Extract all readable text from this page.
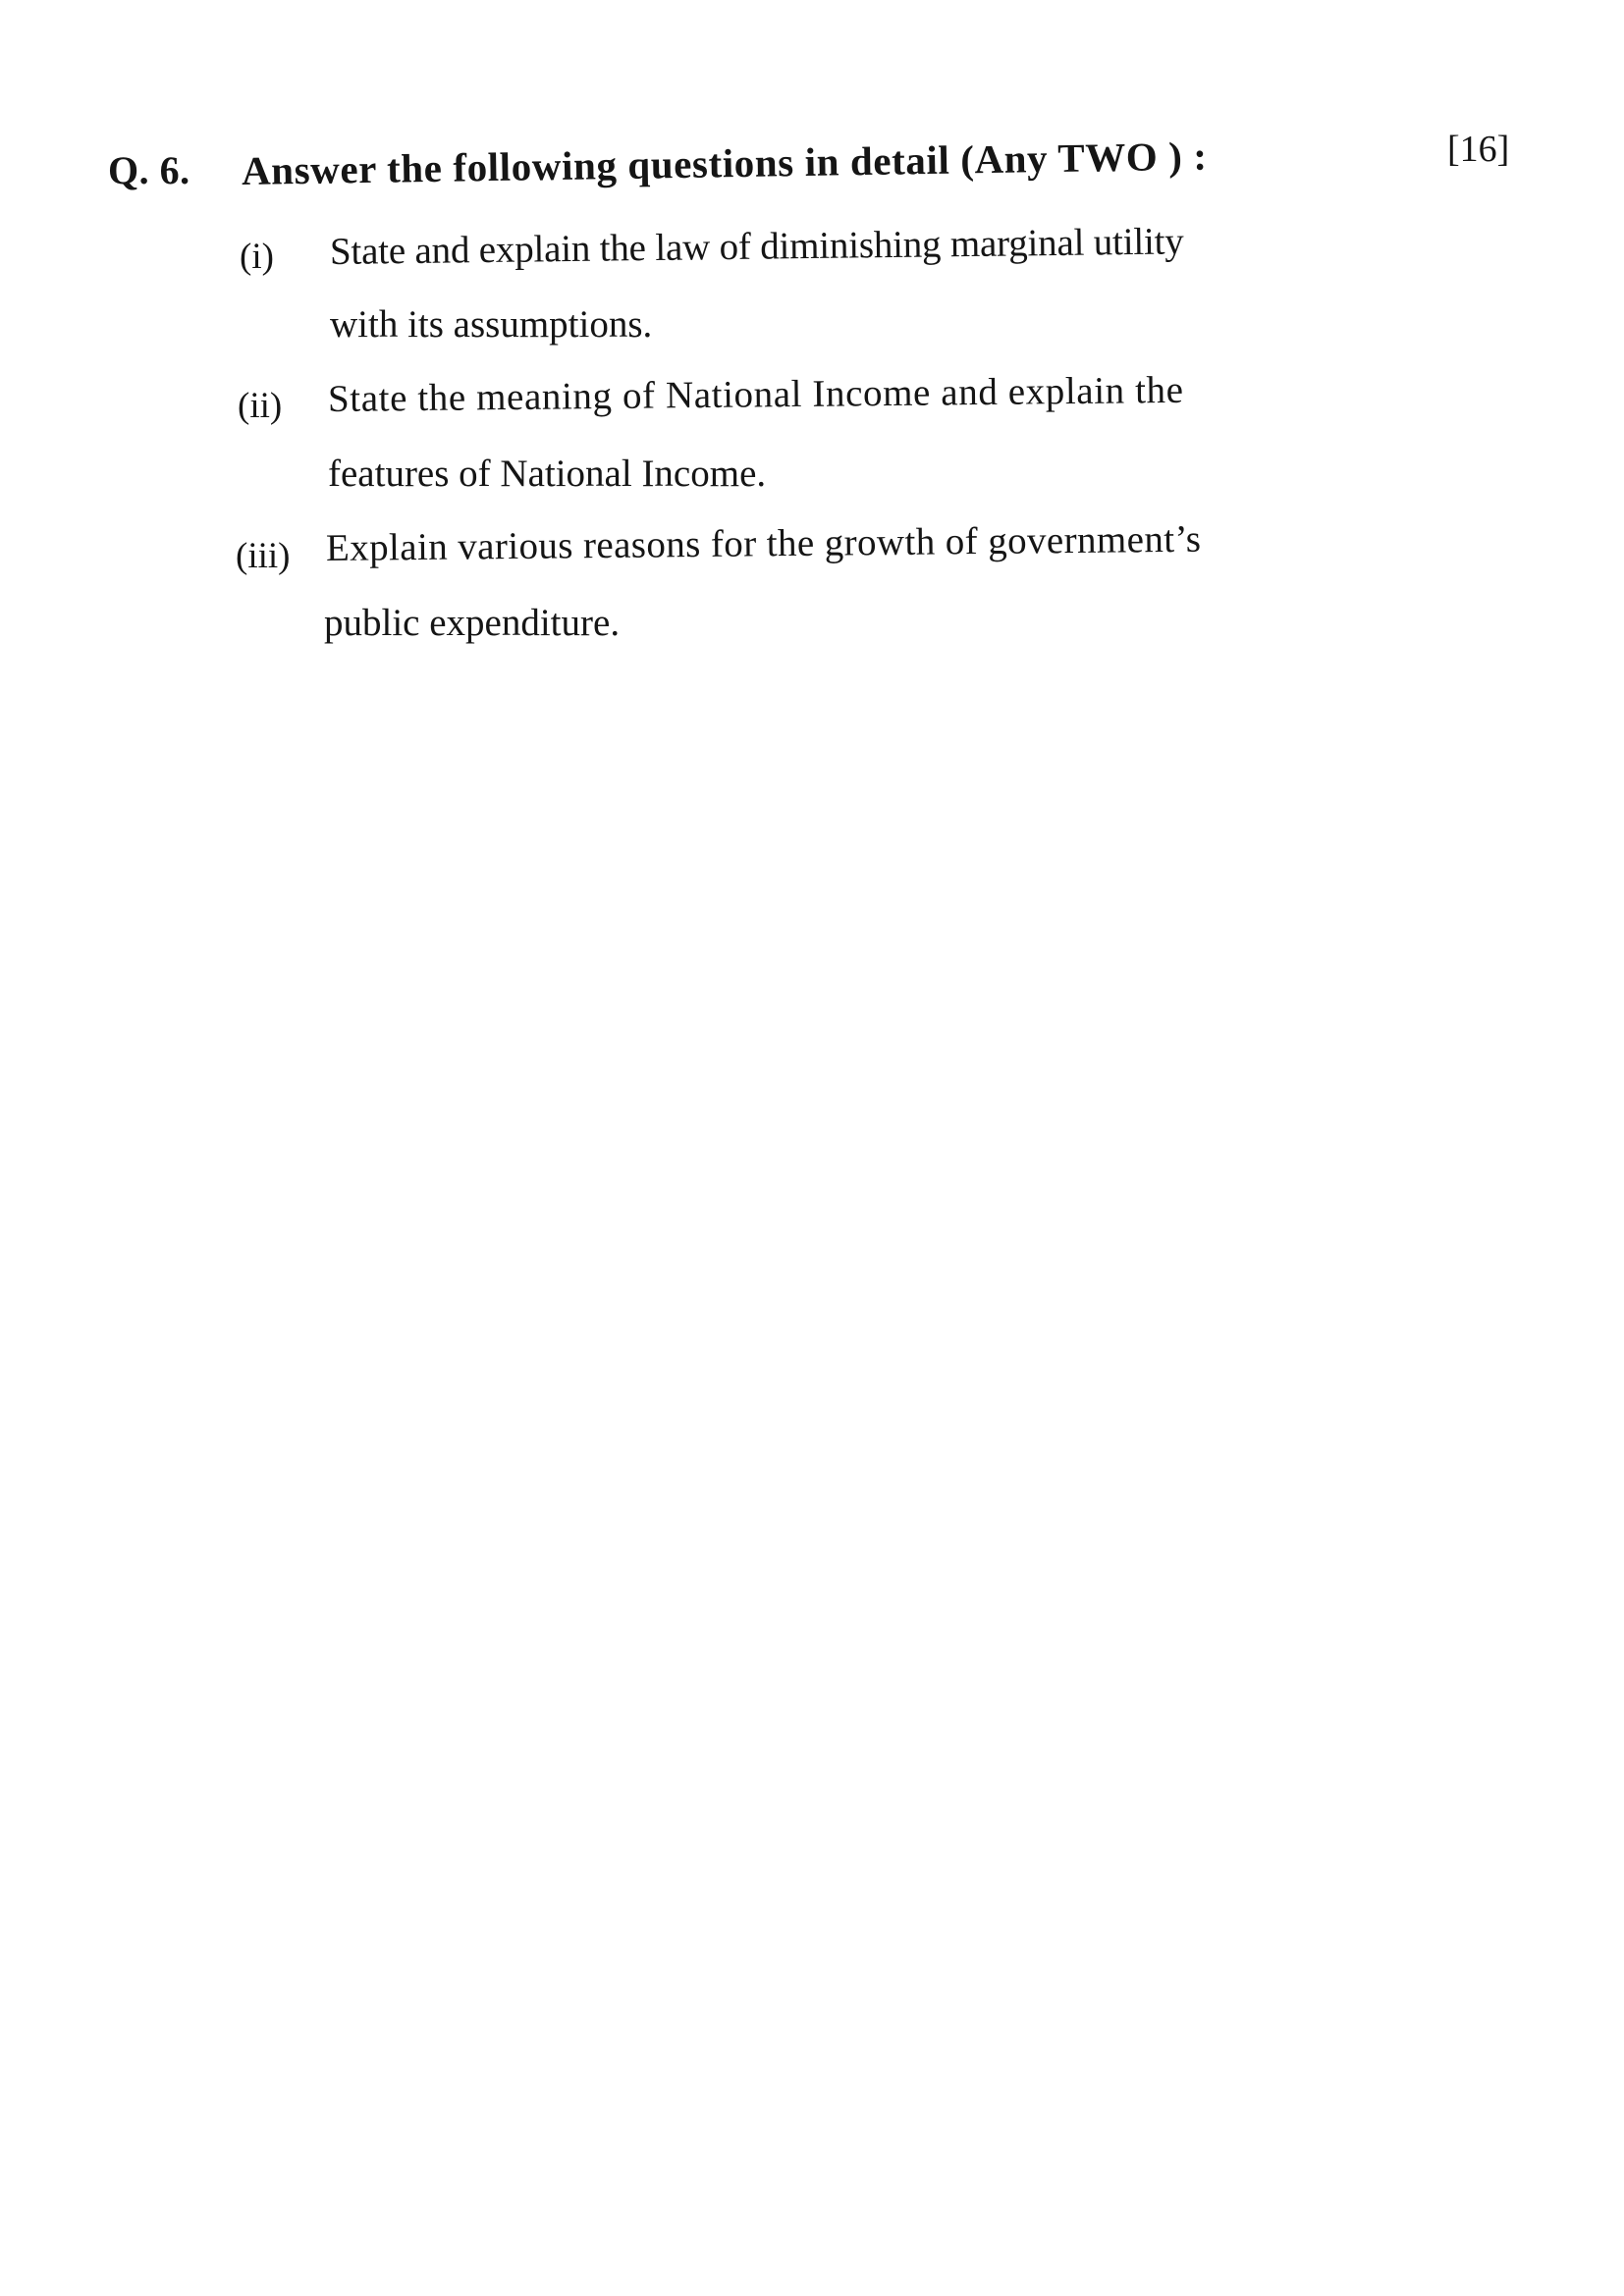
Q. 6. Answer the following questions in detail (Any TWO ) :	[16]
(i) State and explain the law of diminishing marginal utility
with its assumptions.
(ii) State the meaning of National Income and explain the
features of National Income.
(iii) Explain various reasons for the growth of government’s
public expenditure.
